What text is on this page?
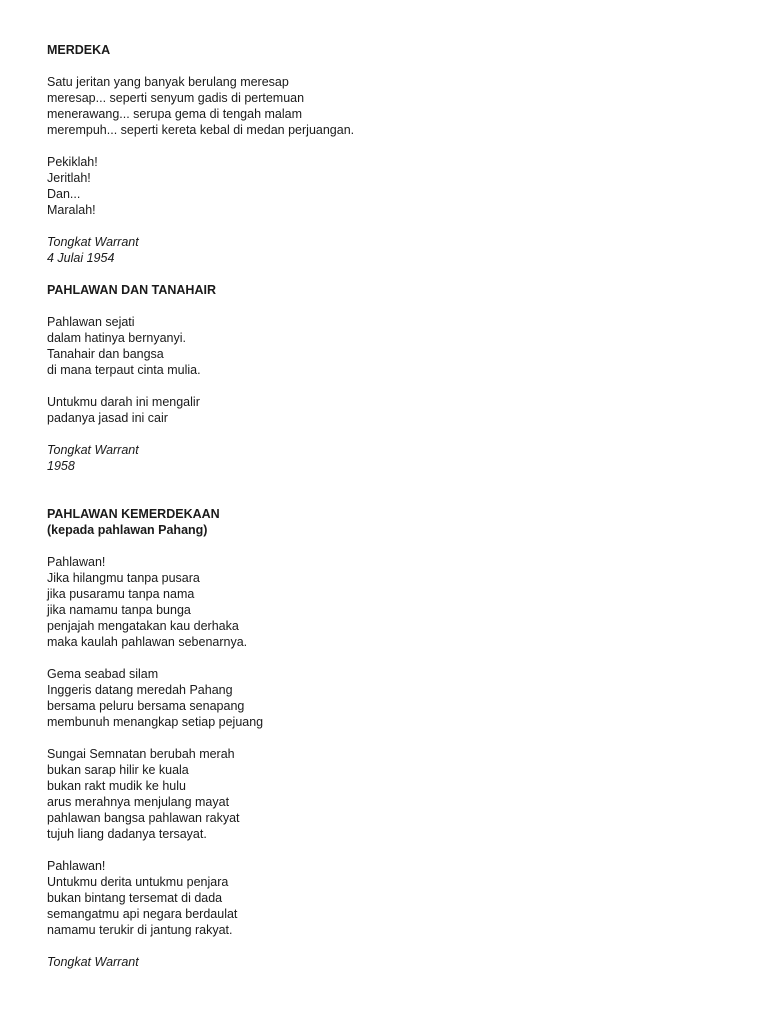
MERDEKA
Satu jeritan yang banyak berulang meresap
meresap... seperti senyum gadis di pertemuan
menerawang... serupa gema di tengah malam
merempuh... seperti kereta kebal di medan perjuangan.
Pekiklah!
Jeritlah!
Dan...
Maralah!
Tongkat Warrant
4 Julai 1954
PAHLAWAN DAN TANAHAIR
Pahlawan sejati
dalam hatinya bernyanyi.
Tanahair dan bangsa
di mana terpaut cinta mulia.
Untukmu darah ini mengalir
padanya jasad ini cair
Tongkat Warrant
1958
PAHLAWAN KEMERDEKAAN
(kepada pahlawan Pahang)
Pahlawan!
Jika hilangmu tanpa pusara
jika pusaramu tanpa nama
jika namamu tanpa bunga
penjajah mengatakan kau derhaka
maka kaulah pahlawan sebenarnya.
Gema seabad silam
Inggeris datang meredah Pahang
bersama peluru bersama senapang
membunuh menangkap setiap pejuang
Sungai Semnatan berubah merah
bukan sarap hilir ke kuala
bukan rakt mudik ke hulu
arus merahnya menjulang mayat
pahlawan bangsa pahlawan rakyat
tujuh liang dadanya tersayat.
Pahlawan!
Untukmu derita untukmu penjara
bukan bintang tersemat di dada
semangatmu api negara berdaulat
namamu terukir di jantung rakyat.
Tongkat Warrant
